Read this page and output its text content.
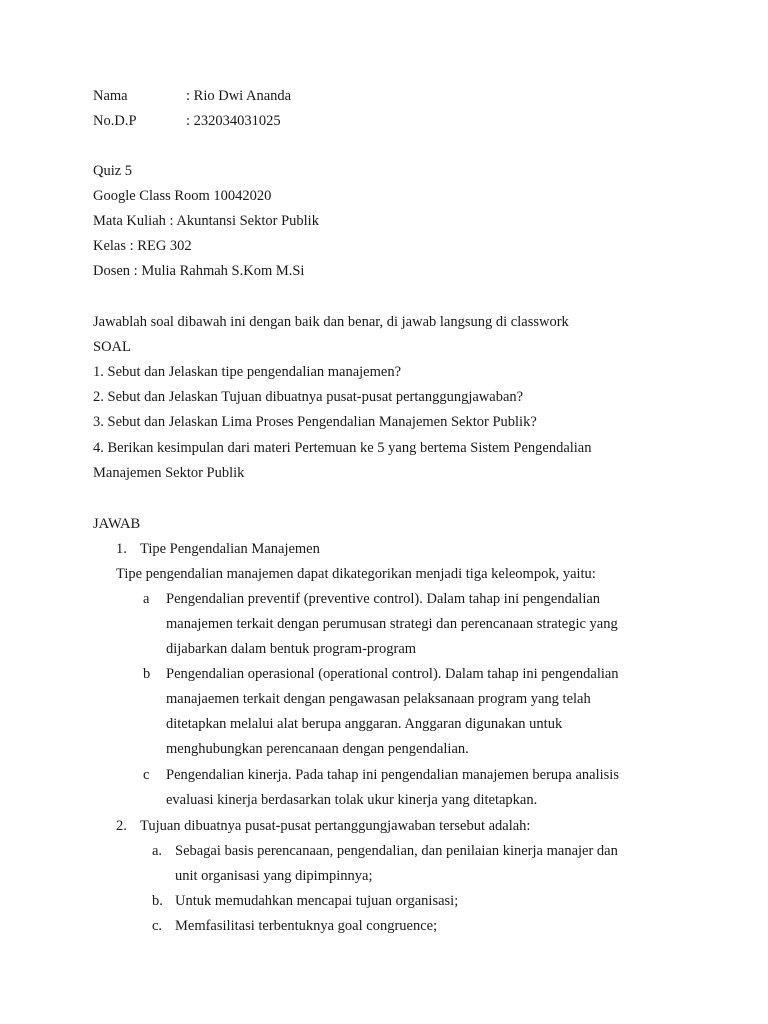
Nama	: Rio Dwi Ananda
No.D.P	: 232034031025
Quiz 5
Google Class Room 10042020
Mata Kuliah : Akuntansi Sektor Publik
Kelas : REG 302
Dosen : Mulia Rahmah S.Kom M.Si
Jawablah soal dibawah ini dengan baik dan benar, di jawab langsung di classwork
SOAL
1. Sebut dan Jelaskan tipe pengendalian manajemen?
2. Sebut dan Jelaskan Tujuan dibuatnya pusat-pusat pertanggungjawaban?
3. Sebut dan Jelaskan Lima Proses Pengendalian Manajemen Sektor Publik?
4. Berikan kesimpulan dari materi Pertemuan ke 5 yang bertema Sistem Pengendalian
Manajemen Sektor Publik
JAWAB
1. Tipe Pengendalian Manajemen
Tipe pengendalian manajemen dapat dikategorikan menjadi tiga keleompok, yaitu:
a Pengendalian preventif (preventive control). Dalam tahap ini pengendalian
manajemen terkait dengan perumusan strategi dan perencanaan strategic yang
dijabarkan dalam bentuk program-program
b Pengendalian operasional (operational control). Dalam tahap ini pengendalian
manajaemen terkait dengan pengawasan pelaksanaan program yang telah
ditetapkan melalui alat berupa anggaran. Anggaran digunakan untuk
menghubungkan perencanaan dengan pengendalian.
c Pengendalian kinerja. Pada tahap ini pengendalian manajemen berupa analisis
evaluasi kinerja berdasarkan tolak ukur kinerja yang ditetapkan.
2. Tujuan dibuatnya pusat-pusat pertanggungjawaban tersebut adalah:
a. Sebagai basis perencanaan, pengendalian, dan penilaian kinerja manajer dan
unit organisasi yang dipimpinnya;
b. Untuk memudahkan mencapai tujuan organisasi;
c. Memfasilitasi terbentuknya goal congruence;
